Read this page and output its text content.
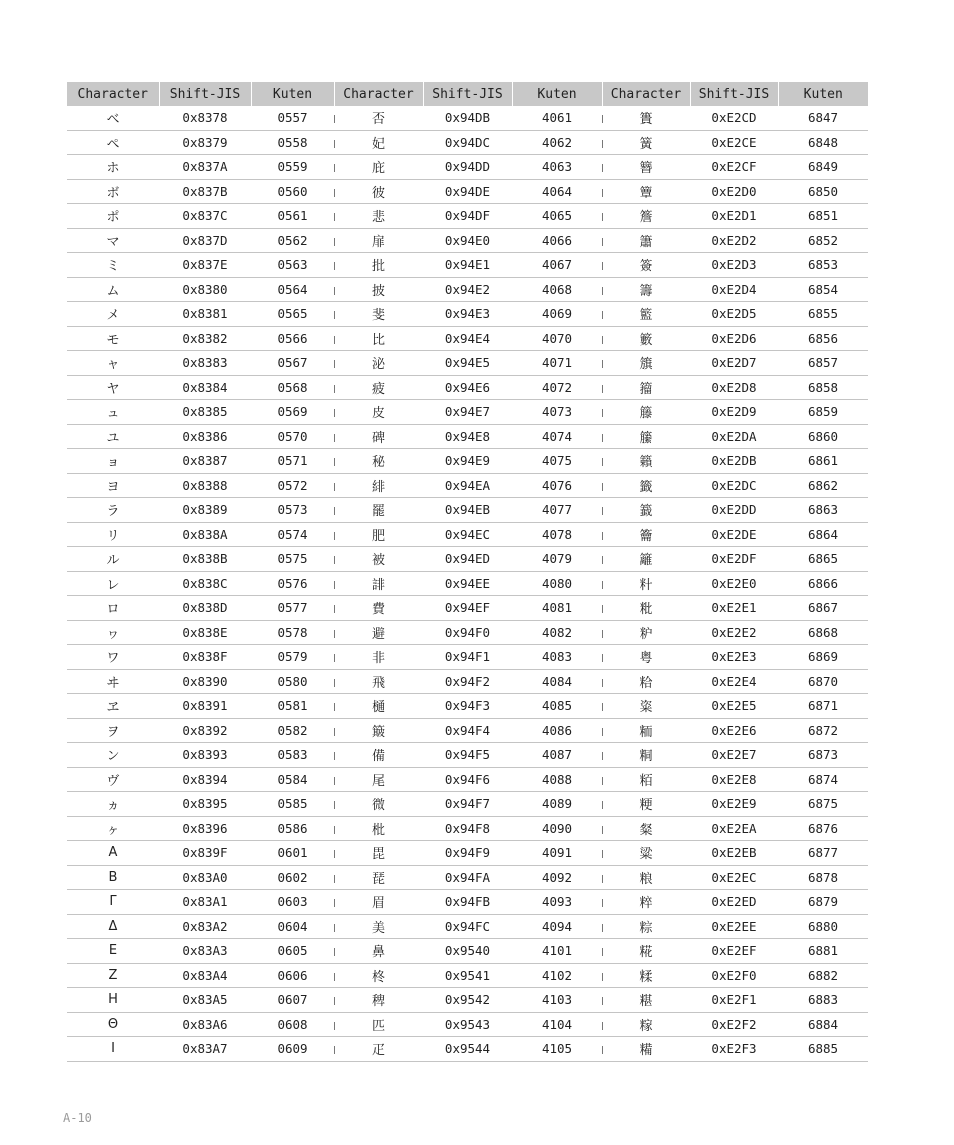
Character	Shift-JIS	Kuten	Character	Shift-JIS	Kuten	Character	Shift-JIS	Kuten
ベ	0x8378	0557	否	0x94DB	4061	簣	0xE2CD	6847
ペ	0x8379	0558	妃	0x94DC	4062	簧	0xE2CE	6848
ホ	0x837A	0559	庇	0x94DD	4063	簪	0xE2CF	6849
ボ	0x837B	0560	彼	0x94DE	4064	簟	0xE2D0	6850
ポ	0x837C	0561	悲	0x94DF	4065	簷	0xE2D1	6851
マ	0x837D	0562	扉	0x94E0	4066	簫	0xE2D2	6852
ミ	0x837E	0563	批	0x94E1	4067	簽	0xE2D3	6853
ム	0x8380	0564	披	0x94E2	4068	籌	0xE2D4	6854
メ	0x8381	0565	斐	0x94E3	4069	籃	0xE2D5	6855
モ	0x8382	0566	比	0x94E4	4070	籔	0xE2D6	6856
ャ	0x8383	0567	泌	0x94E5	4071	籏	0xE2D7	6857
ヤ	0x8384	0568	疲	0x94E6	4072	籀	0xE2D8	6858
ュ	0x8385	0569	皮	0x94E7	4073	籐	0xE2D9	6859
ユ	0x8386	0570	碑	0x94E8	4074	籘	0xE2DA	6860
ョ	0x8387	0571	秘	0x94E9	4075	籟	0xE2DB	6861
ヨ	0x8388	0572	緋	0x94EA	4076	籤	0xE2DC	6862
ラ	0x8389	0573	罷	0x94EB	4077	籖	0xE2DD	6863
リ	0x838A	0574	肥	0x94EC	4078	籥	0xE2DE	6864
ル	0x838B	0575	被	0x94ED	4079	籬	0xE2DF	6865
レ	0x838C	0576	誹	0x94EE	4080	籵	0xE2E0	6866
ロ	0x838D	0577	費	0x94EF	4081	粃	0xE2E1	6867
ヮ	0x838E	0578	避	0x94F0	4082	粐	0xE2E2	6868
ワ	0x838F	0579	非	0x94F1	4083	粤	0xE2E3	6869
ヰ	0x8390	0580	飛	0x94F2	4084	粭	0xE2E4	6870
ヱ	0x8391	0581	樋	0x94F3	4085	粢	0xE2E5	6871
ヲ	0x8392	0582	簸	0x94F4	4086	粫	0xE2E6	6872
ン	0x8393	0583	備	0x94F5	4087	粡	0xE2E7	6873
ヴ	0x8394	0584	尾	0x94F6	4088	粨	0xE2E8	6874
ヵ	0x8395	0585	微	0x94F7	4089	粳	0xE2E9	6875
ヶ	0x8396	0586	枇	0x94F8	4090	粲	0xE2EA	6876
Α	0x839F	0601	毘	0x94F9	4091	粱	0xE2EB	6877
Β	0x83A0	0602	琵	0x94FA	4092	粮	0xE2EC	6878
Γ	0x83A1	0603	眉	0x94FB	4093	粹	0xE2ED	6879
Δ	0x83A2	0604	美	0x94FC	4094	粽	0xE2EE	6880
Ε	0x83A3	0605	鼻	0x9540	4101	糀	0xE2EF	6881
Ζ	0x83A4	0606	柊	0x9541	4102	糅	0xE2F0	6882
Η	0x83A5	0607	稗	0x9542	4103	糂	0xE2F1	6883
Θ	0x83A6	0608	匹	0x9543	4104	糘	0xE2F2	6884
Ι	0x83A7	0609	疋	0x9544	4105	糒	0xE2F3	6885
A-10
